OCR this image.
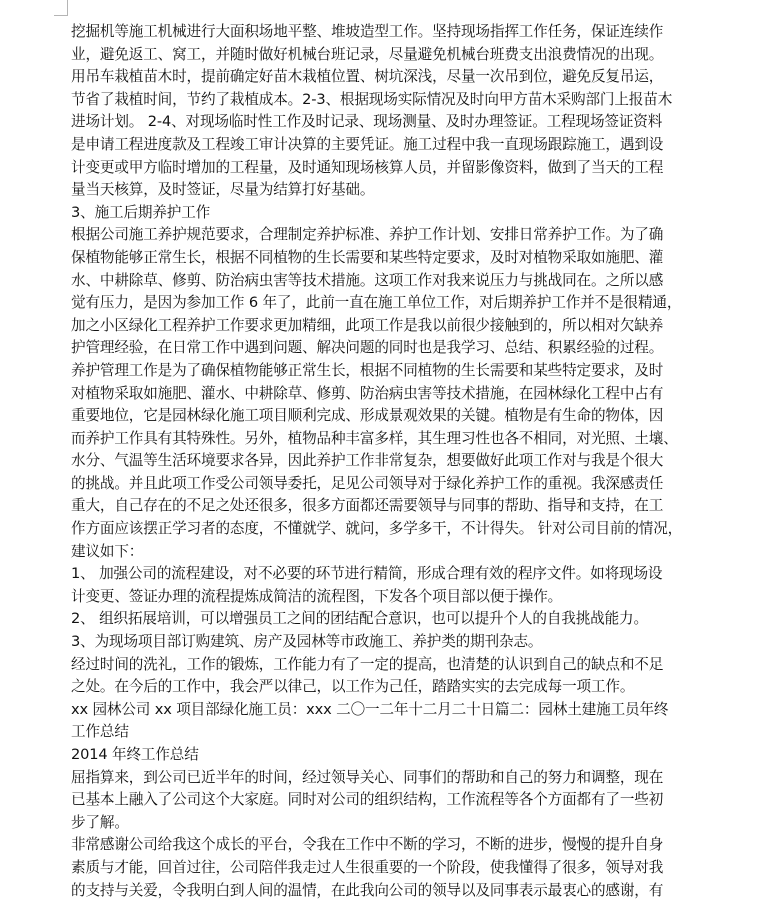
挖掘机等施工机械进行大面积场地平整、堆坡造型工作。坚持现场指挥工作任务，保证连续作
业，避免返工、窝工，并随时做好机械台班记录，尽量避免机械台班费支出浪费情况的出现。
用吊车栽植苗木时，提前确定好苗木栽植位置、树坑深浅，尽量一次吊到位，避免反复吊运，
节省了栽植时间，节约了栽植成本。2-3、根据现场实际情况及时向甲方苗木采购部门上报苗木
进场计划。 2-4、对现场临时性工作及时记录、现场测量、及时办理签证。工程现场签证资料
是申请工程进度款及工程竣工审计决算的主要凭证。施工过程中我一直现场跟踪施工，遇到设
计变更或甲方临时增加的工程量，及时通知现场核算人员，并留影像资料，做到了当天的工程
量当天核算，及时签证，尽量为结算打好基础。
3、施工后期养护工作
根据公司施工养护规范要求，合理制定养护标准、养护工作计划、安排日常养护工作。为了确
保植物能够正常生长，根据不同植物的生长需要和某些特定要求，及时对植物采取如施肥、灌
水、中耕除草、修剪、防治病虫害等技术措施。这项工作对我来说压力与挑战同在。之所以感
觉有压力，是因为参加工作 6 年了，此前一直在施工单位工作，对后期养护工作并不是很精通，
加之小区绿化工程养护工作要求更加精细，此项工作是我以前很少接触到的，所以相对欠缺养
护管理经验，在日常工作中遇到问题、解决问题的同时也是我学习、总结、积累经验的过程。
养护管理工作是为了确保植物能够正常生长，根据不同植物的生长需要和某些特定要求，及时
对植物采取如施肥、灌水、中耕除草、修剪、防治病虫害等技术措施，在园林绿化工程中占有
重要地位，它是园林绿化施工项目顺利完成、形成景观效果的关键。植物是有生命的物体，因
而养护工作具有其特殊性。另外，植物品种丰富多样，其生理习性也各不相同，对光照、土壤、
水分、气温等生活环境要求各异，因此养护工作非常复杂，想要做好此项工作对与我是个很大
的挑战。并且此项工作受公司领导委托，足见公司领导对于绿化养护工作的重视。我深感责任
重大，自己存在的不足之处还很多，很多方面都还需要领导与同事的帮助、指导和支持，在工
作方面应该摆正学习者的态度，不懂就学、就问，多学多干，不计得失。 针对公司目前的情况，
建议如下：
1、 加强公司的流程建设，对不必要的环节进行精简，形成合理有效的程序文件。如将现场设
计变更、签证办理的流程提炼成简洁的流程图，下发各个项目部以便于操作。
2、 组织拓展培训，可以增强员工之间的团结配合意识，也可以提升个人的自我挑战能力。
3、为现场项目部订购建筑、房产及园林等市政施工、养护类的期刊杂志。
经过时间的洗礼，工作的锻炼，工作能力有了一定的提高，也清楚的认识到自己的缺点和不足
之处。在今后的工作中，我会严以律己，以工作为己任，踏踏实实的去完成每一项工作。
xx 园林公司 xx 项目部绿化施工员：xxx 二〇一二年十二月二十日篇二：园林土建施工员年终
工作总结
2014 年终工作总结
屈指算来，到公司已近半年的时间，经过领导关心、同事们的帮助和自己的努力和调整，现在
已基本上融入了公司这个大家庭。同时对公司的组织结构，工作流程等各个方面都有了一些初
步了解。
非常感谢公司给我这个成长的平台，令我在工作中不断的学习，不断的进步，慢慢的提升自身
素质与才能，回首过往，公司陪伴我走过人生很重要的一个阶段，使我懂得了很多，领导对我
的支持与关爱，令我明白到人间的温情，在此我向公司的领导以及同事表示最衷心的感谢，有
